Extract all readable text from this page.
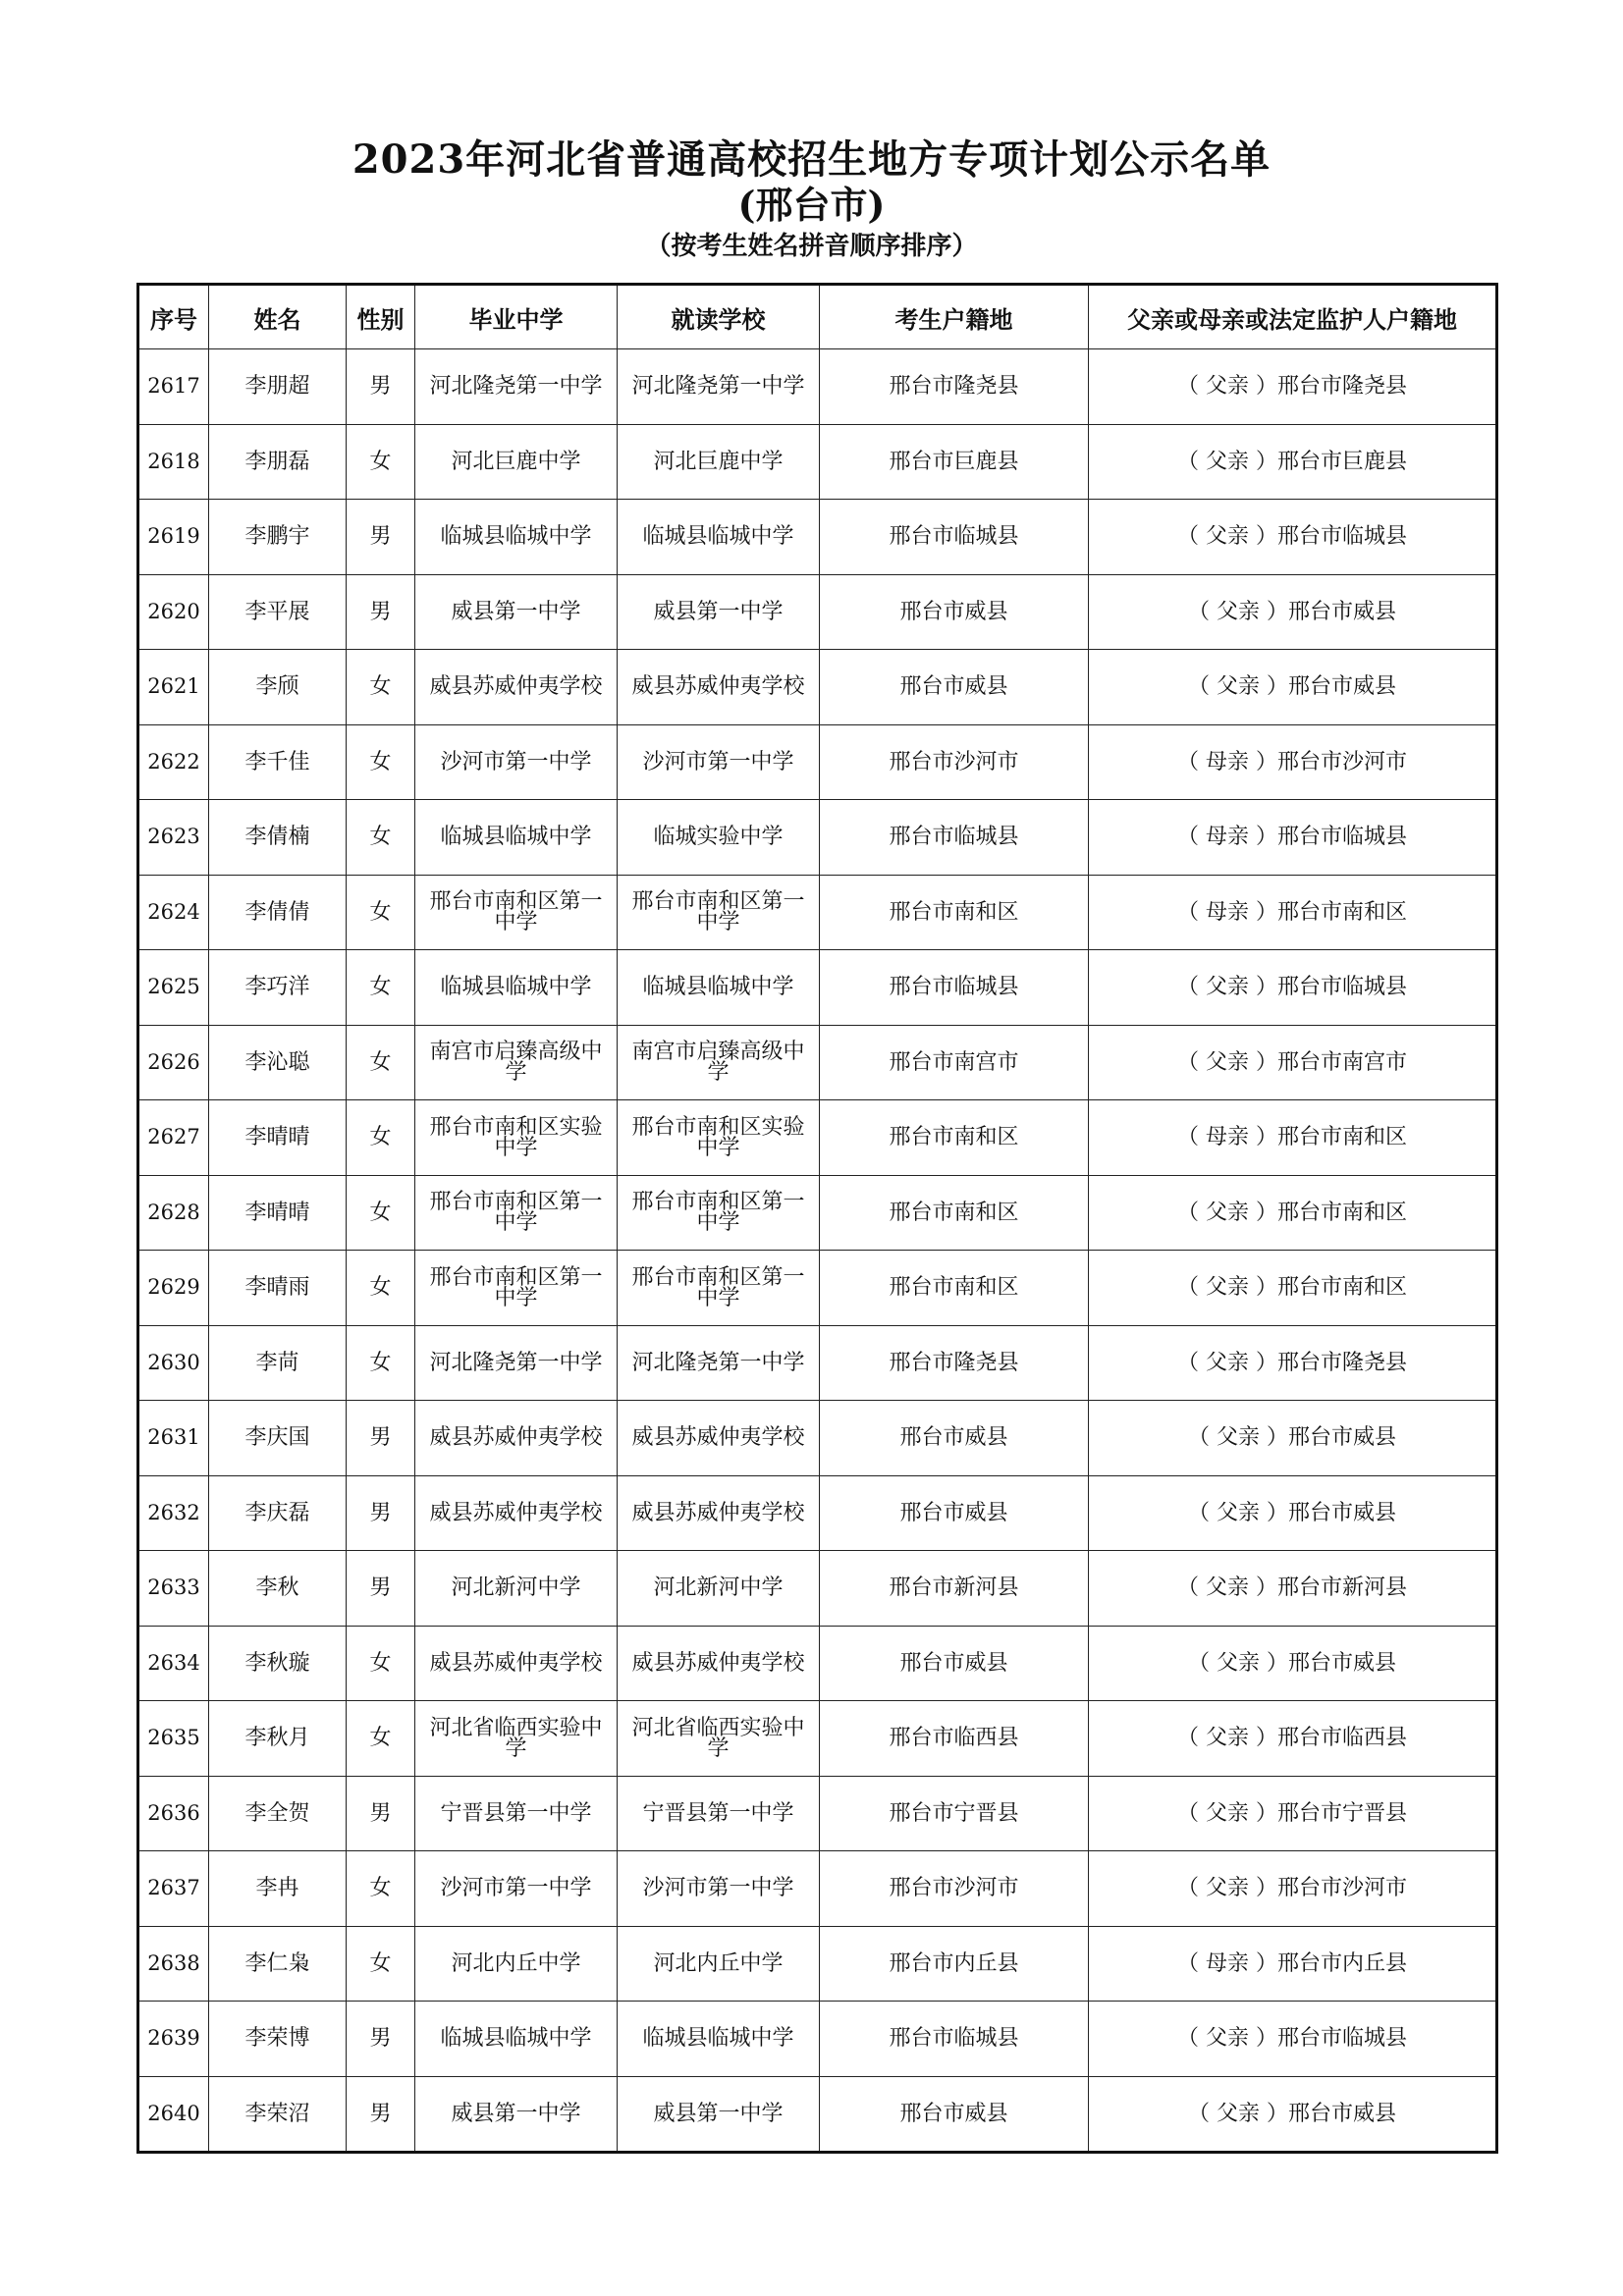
2023年河北省普通高校招生地方专项计划公示名单
(邢台市)
（按考生姓名拼音顺序排序）
序号	姓名	性别	毕业中学	就读学校	考生户籍地	父亲或母亲或法定监护人户籍地
2617	李朋超	男	河北隆尧第一中学	河北隆尧第一中学	邢台市隆尧县	（ 父亲 ）邢台市隆尧县
2618	李朋磊	女	河北巨鹿中学	河北巨鹿中学	邢台市巨鹿县	（ 父亲 ）邢台市巨鹿县
2619	李鹏宇	男	临城县临城中学	临城县临城中学	邢台市临城县	（ 父亲 ）邢台市临城县
2620	李平展	男	威县第一中学	威县第一中学	邢台市威县	（ 父亲 ）邢台市威县
2621	李颀	女	威县苏威仲夷学校	威县苏威仲夷学校	邢台市威县	（ 父亲 ）邢台市威县
2622	李千佳	女	沙河市第一中学	沙河市第一中学	邢台市沙河市	（ 母亲 ）邢台市沙河市
2623	李倩楠	女	临城县临城中学	临城实验中学	邢台市临城县	（ 母亲 ）邢台市临城县
2624	李倩倩	女	邢台市南和区第一中学	邢台市南和区第一中学	邢台市南和区	（ 母亲 ）邢台市南和区
2625	李巧洋	女	临城县临城中学	临城县临城中学	邢台市临城县	（ 父亲 ）邢台市临城县
2626	李沁聪	女	南宫市启臻高级中学	南宫市启臻高级中学	邢台市南宫市	（ 父亲 ）邢台市南宫市
2627	李晴晴	女	邢台市南和区实验中学	邢台市南和区实验中学	邢台市南和区	（ 母亲 ）邢台市南和区
2628	李晴晴	女	邢台市南和区第一中学	邢台市南和区第一中学	邢台市南和区	（ 父亲 ）邢台市南和区
2629	李晴雨	女	邢台市南和区第一中学	邢台市南和区第一中学	邢台市南和区	（ 父亲 ）邢台市南和区
2630	李苘	女	河北隆尧第一中学	河北隆尧第一中学	邢台市隆尧县	（ 父亲 ）邢台市隆尧县
2631	李庆国	男	威县苏威仲夷学校	威县苏威仲夷学校	邢台市威县	（ 父亲 ）邢台市威县
2632	李庆磊	男	威县苏威仲夷学校	威县苏威仲夷学校	邢台市威县	（ 父亲 ）邢台市威县
2633	李秋	男	河北新河中学	河北新河中学	邢台市新河县	（ 父亲 ）邢台市新河县
2634	李秋璇	女	威县苏威仲夷学校	威县苏威仲夷学校	邢台市威县	（ 父亲 ）邢台市威县
2635	李秋月	女	河北省临西实验中学	河北省临西实验中学	邢台市临西县	（ 父亲 ）邢台市临西县
2636	李全贺	男	宁晋县第一中学	宁晋县第一中学	邢台市宁晋县	（ 父亲 ）邢台市宁晋县
2637	李冉	女	沙河市第一中学	沙河市第一中学	邢台市沙河市	（ 父亲 ）邢台市沙河市
2638	李仁枭	女	河北内丘中学	河北内丘中学	邢台市内丘县	（ 母亲 ）邢台市内丘县
2639	李荣博	男	临城县临城中学	临城县临城中学	邢台市临城县	（ 父亲 ）邢台市临城县
2640	李荣沼	男	威县第一中学	威县第一中学	邢台市威县	（ 父亲 ）邢台市威县
